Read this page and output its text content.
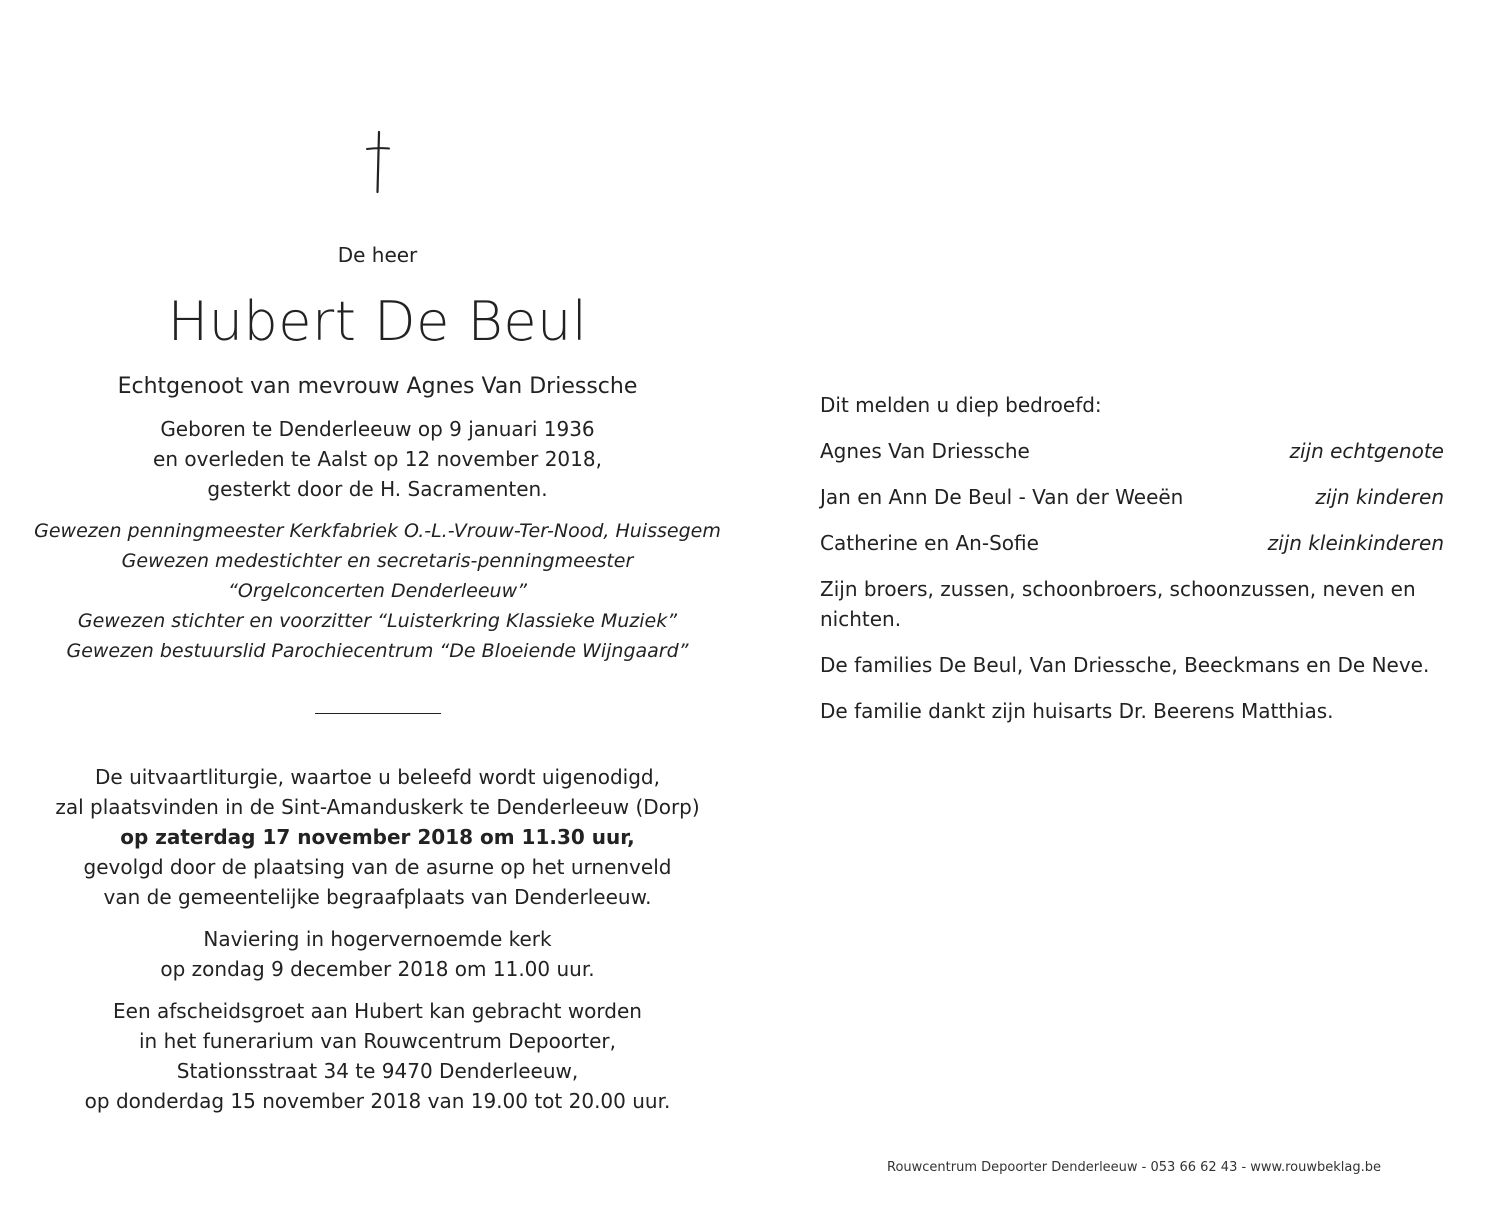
De heer
Hubert De Beul
Echtgenoot van mevrouw Agnes Van Driessche
Geboren te Denderleeuw op 9 januari 1936
en overleden te Aalst op 12 november 2018,
gesterkt door de H. Sacramenten.
Gewezen penningmeester Kerkfabriek O.-L.-Vrouw-Ter-Nood, Huissegem
Gewezen medestichter en secretaris-penningmeester
“Orgelconcerten Denderleeuw”
Gewezen stichter en voorzitter “Luisterkring Klassieke Muziek”
Gewezen bestuurslid Parochiecentrum “De Bloeiende Wijngaard”
De uitvaartliturgie, waartoe u beleefd wordt uigenodigd,
zal plaatsvinden in de Sint-Amanduskerk te Denderleeuw (Dorp)
op zaterdag 17 november 2018 om 11.30 uur,
gevolgd door de plaatsing van de asurne op het urnenveld
van de gemeentelijke begraafplaats van Denderleeuw.
Naviering in hogervernoemde kerk
op zondag 9 december 2018 om 11.00 uur.
Een afscheidsgroet aan Hubert kan gebracht worden
in het funerarium van Rouwcentrum Depoorter,
Stationsstraat 34 te 9470 Denderleeuw,
op donderdag 15 november 2018 van 19.00 tot 20.00 uur.
Dit melden u diep bedroefd:
Agnes Van Driessche	zijn echtgenote
Jan en Ann De Beul - Van der Weeën	zijn kinderen
Catherine en An-Sofie	zijn kleinkinderen
Zijn broers, zussen, schoonbroers, schoonzussen, neven en nichten.
De families De Beul, Van Driessche, Beeckmans en De Neve.
De familie dankt zijn huisarts Dr. Beerens Matthias.
Rouwcentrum Depoorter Denderleeuw - 053 66 62 43 - www.rouwbeklag.be
